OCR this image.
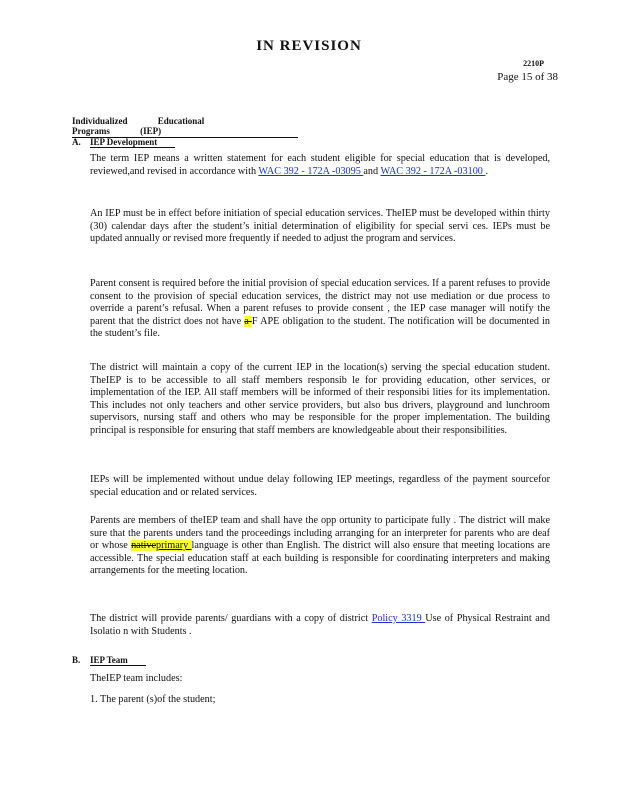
IN REVISION
2210P
Page 15 of 38
Individualized	Educational Programs	(IEP)
A. IEP Development
The term IEP means a written statement for each student eligible for special education that is developed, reviewed,and revised in accordance with WAC 392 - 172A -03095 and WAC 392 - 172A -03100 .
An IEP must be in effect before initiation of special education services. TheIEP must be developed within thirty (30) calendar days after the student’s initial determination of eligibility for special servi ces. IEPs must be updated annually or revised more frequently if needed to adjust the program and services.
Parent consent is required before the initial provision of special education services. If a parent refuses to provide consent to the provision of special education services, the district may not use mediation or due process to override a parent’s refusal. When a parent refuses to provide consent , the IEP case manager will notify the parent that the district does not have a F APE obligation to the student. The notification will be documented in the student’s file.
The district will maintain a copy of the current IEP in the location(s) serving the special education student. TheIEP is to be accessible to all staff members responsib le for providing education, other services, or implementation of the IEP. All staff members will be informed of their responsibi lities for its implementation. This includes not only teachers and other service providers, but also bus drivers, playground and lunchroom supervisors, nursing staff and others who may be responsible for the proper implementation. The building principal is responsible for ensuring that staff members are knowledgeable about their responsibilities.
IEPs will be implemented without undue delay following IEP meetings, regardless of the payment sourcefor special education and or related services.
Parents are members of theIEP team and shall have the opp ortunity to participate fully . The district will make sure that the parents unders tand the proceedings including arranging for an interpreter for parents who are deaf or whose nativeprimary language is other than English. The district will also ensure that meeting locations are accessible. The special education staff at each building is responsible for coordinating interpreters and making arrangements for the meeting location.
The district will provide parents/ guardians with a copy of district Policy 3319 Use of Physical Restraint and Isolatio n with Students .
B. IEP Team
TheIEP team includes:
1. The parent (s)of the student;
